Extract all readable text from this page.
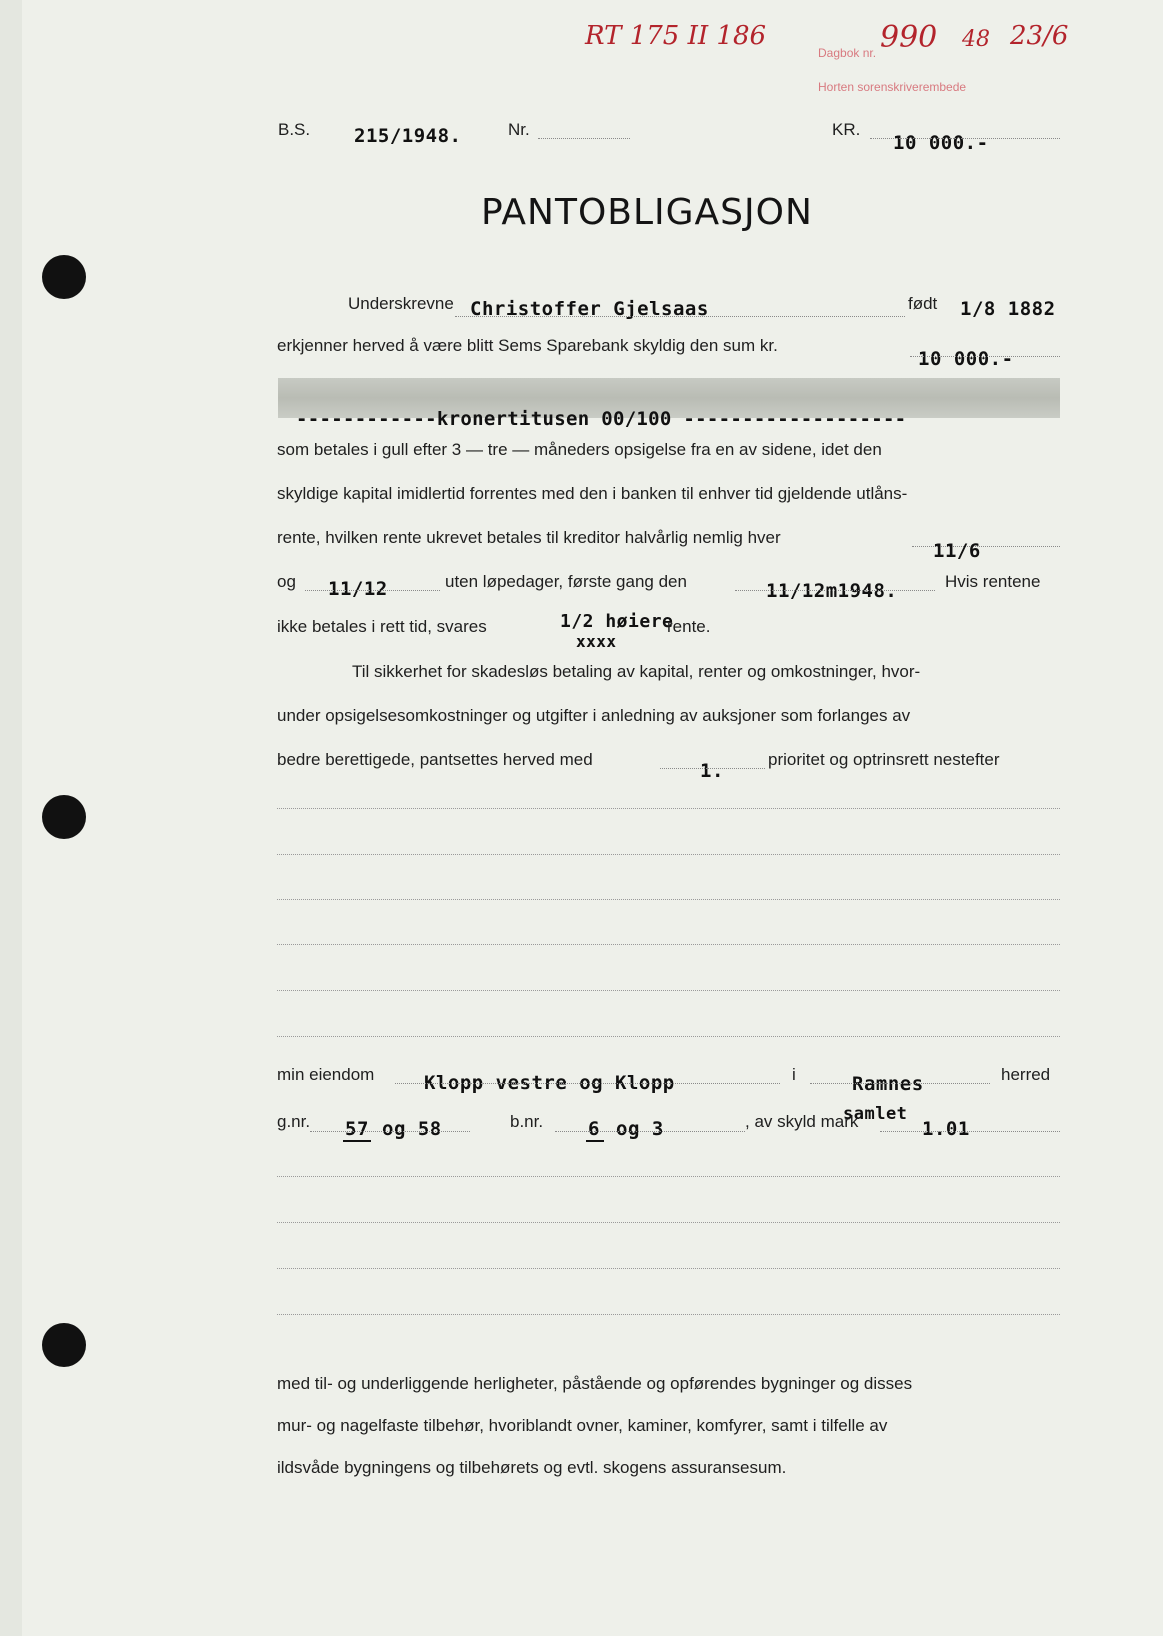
RT 175 II 186	990 48 23/6
Dagbok nr.
Horten sorenskriverembede
B.S. 215/1948.	Nr.	KR.
10 000.-
PANTOBLIGASJON
Underskrevne Christoffer Gjelsaas	født 1/8 1882
erkjenner herved å være blitt Sems Sparebank skyldig den sum kr.
10 000.-
------------kronertitusen 00/100 -------------------
som betales i gull efter 3 — tre — måneders opsigelse fra en av sidene, idet den
skyldige kapital imidlertid forrentes med den i banken til enhver tid gjeldende utlåns-
rente, hvilken rente ukrevet betales til kreditor halvårlig nemlig hver
11/6
og 11/12	uten løpedager, første gang den	11/12m1948.	Hvis rentene
ikke betales i rett tid, svares	1/2 høiere
xxxx
rente.
Til sikkerhet for skadesløs betaling av kapital, renter og omkostninger, hvor-
under opsigelsesomkostninger og utgifter i anledning av auksjoner som forlanges av
bedre berettigede, pantsettes herved med
1.
prioritet og optrinsrett nestefter
min eiendom	Klopp vestre og Klopp	i	Ramnes	herred
g.nr. 57 og 58	b.nr. 6 og 3	, av skyld mark
samlet
1.01
med til- og underliggende herligheter, påstående og opførendes bygninger og disses
mur- og nagelfaste tilbehør, hvoriblandt ovner, kaminer, komfyrer, samt i tilfelle av
ildsvåde bygningens og tilbehørets og evtl. skogens assuransesum.
